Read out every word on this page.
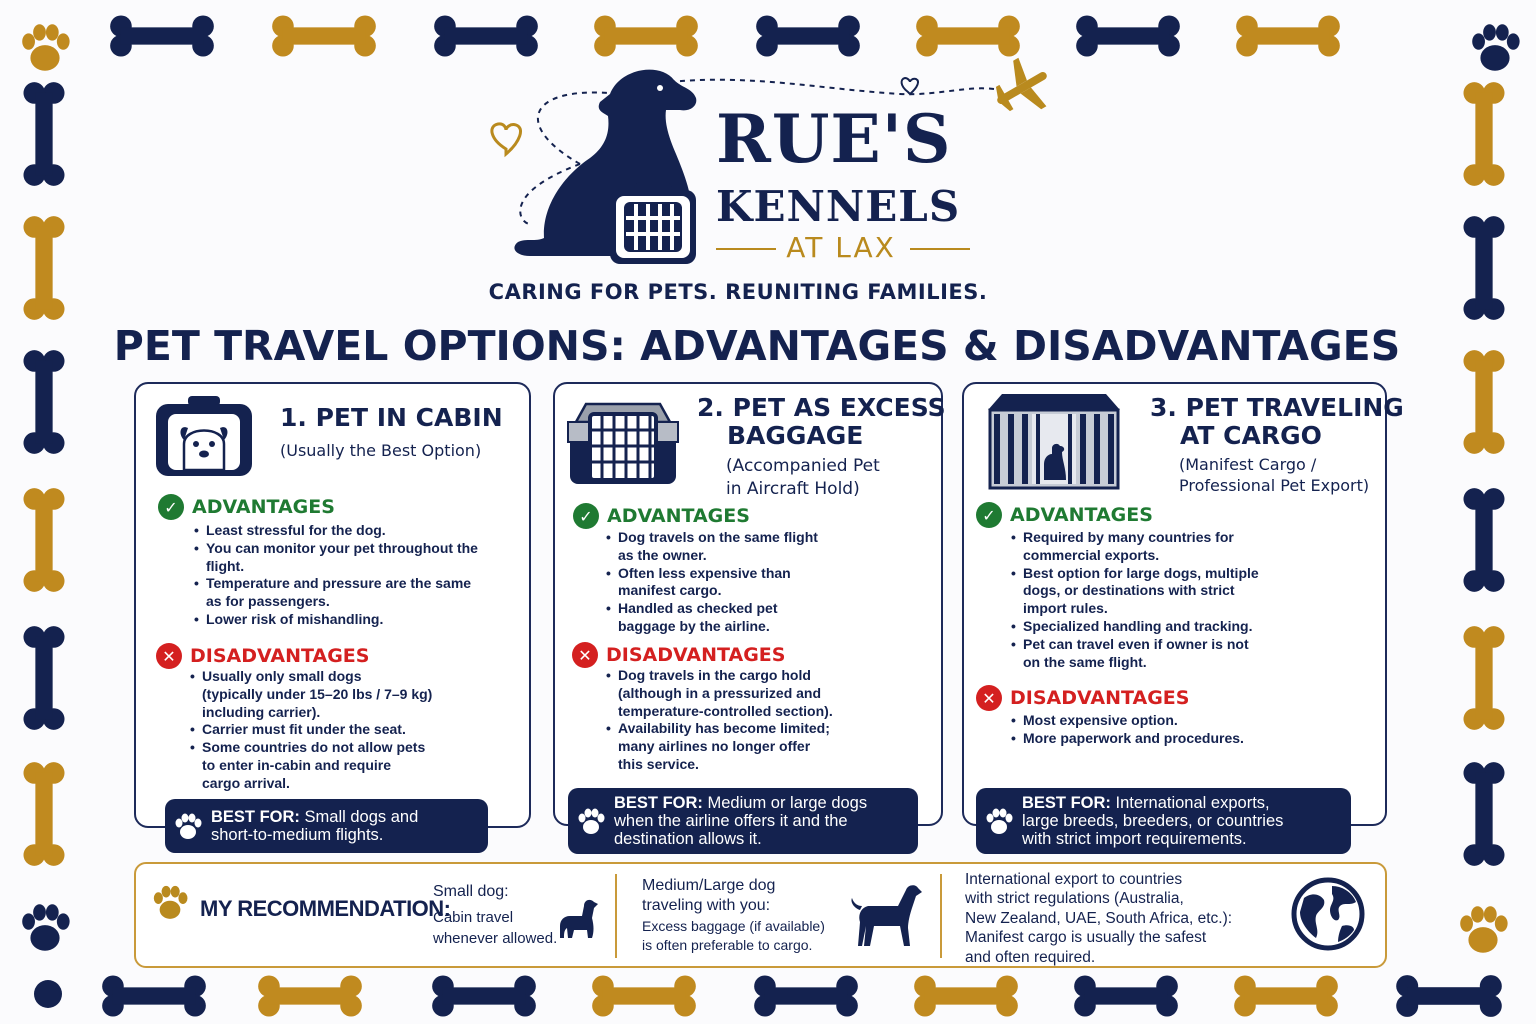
RUE'S
KENNELS
AT LAX
CARING FOR PETS. REUNITING FAMILIES.
PET TRAVEL OPTIONS: ADVANTAGES & DISADVANTAGES
1. PET IN CABIN
(Usually the Best Option)
✓ ADVANTAGES
• Least stressful for the dog.
• You can monitor your pet throughout the
flight.
• Temperature and pressure are the same
as for passengers.
• Lower risk of mishandling.
✕ DISADVANTAGES
• Usually only small dogs
(typically under 15–20 lbs / 7–9 kg)
including carrier).
• Carrier must fit under the seat.
• Some countries do not allow pets
to enter in-cabin and require
cargo arrival.
BEST FOR: Small dogs and
short-to-medium flights.
2. PET AS EXCESS
BAGGAGE
(Accompanied Pet
in Aircraft Hold)
✓ ADVANTAGES
• Dog travels on the same flight
as the owner.
• Often less expensive than
manifest cargo.
• Handled as checked pet
baggage by the airline.
✕ DISADVANTAGES
• Dog travels in the cargo hold
(although in a pressurized and
temperature-controlled section).
• Availability has become limited;
many airlines no longer offer
this service.
BEST FOR: Medium or large dogs
when the airline offers it and the
destination allows it.
3. PET TRAVELING
AT CARGO
(Manifest Cargo /
Professional Pet Export)
✓ ADVANTAGES
• Required by many countries for
commercial exports.
• Best option for large dogs, multiple
dogs, or destinations with strict
import rules.
• Specialized handling and tracking.
• Pet can travel even if owner is not
on the same flight.
✕ DISADVANTAGES
• Most expensive option.
• More paperwork and procedures.
BEST FOR: International exports,
large breeds, breeders, or countries
with strict import requirements.
MY RECOMMENDATION:
Small dog:
Cabin travel
whenever allowed.
Medium/Large dog
traveling with you:
Excess baggage (if available)
is often preferable to cargo.
International export to countries
with strict regulations (Australia,
New Zealand, UAE, South Africa, etc.):
Manifest cargo is usually the safest
and often required.
